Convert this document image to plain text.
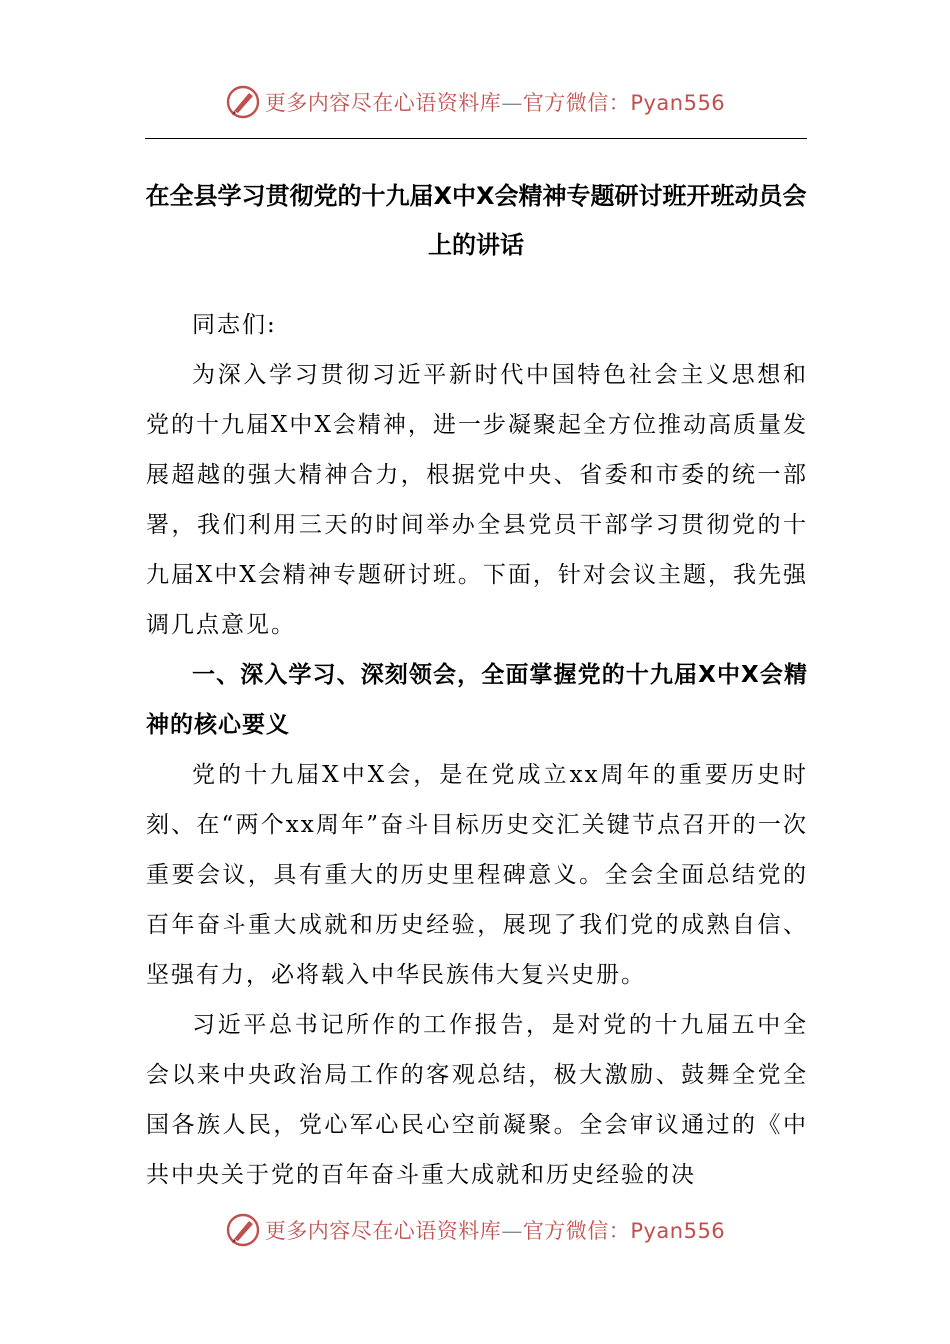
更多内容尽在心语资料库—官方微信：Pyan556
在全县学习贯彻党的十九届X中X会精神专题研讨班开班动员会上的讲话

同志们:

为深入学习贯彻习近平新时代中国特色社会主义思想和党的十九届X中X会精神，进一步凝聚起全方位推动高质量发展超越的强大精神合力，根据党中央、省委和市委的统一部署，我们利用三天的时间举办全县党员干部学习贯彻党的十九届X中X会精神专题研讨班。下面，针对会议主题，我先强调几点意见。

一、深入学习、深刻领会，全面掌握党的十九届X中X会精神的核心要义

党的十九届X中X会，是在党成立xx周年的重要历史时刻、在“两个xx周年”奋斗目标历史交汇关键节点召开的一次重要会议，具有重大的历史里程碑意义。全会全面总结党的百年奋斗重大成就和历史经验，展现了我们党的成熟自信、坚强有力，必将载入中华民族伟大复兴史册。

习近平总书记所作的工作报告，是对党的十九届五中全会以来中央政治局工作的客观总结，极大激励、鼓舞全党全国各族人民，党心军心民心空前凝聚。全会审议通过的《中共中央关于党的百年奋斗重大成就和历史经验的决

更多内容尽在心语资料库—官方微信：Pyan556
